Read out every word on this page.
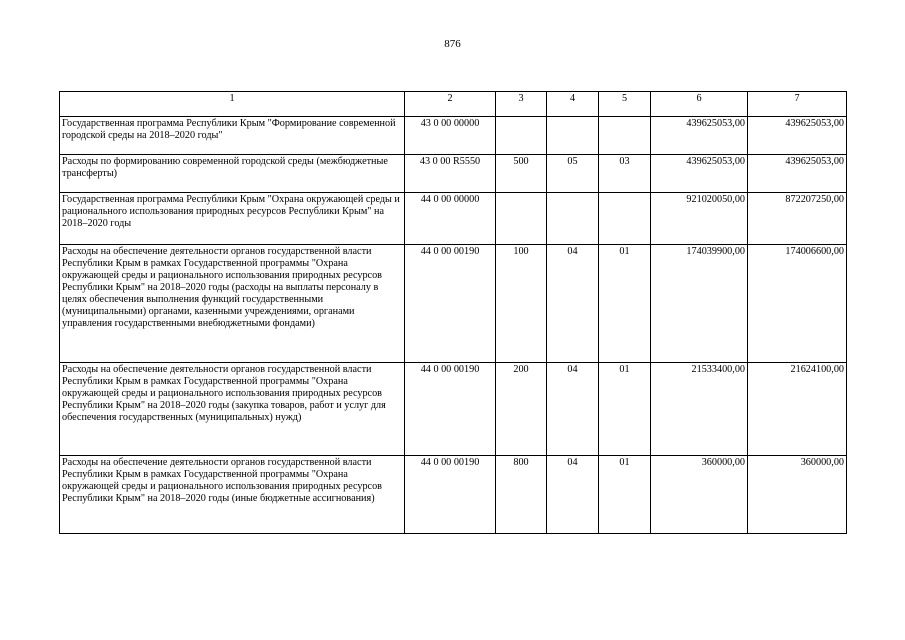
876
1	2	3	4	5	6	7
Государственная программа Республики Крым "Формирование современной городской среды на 2018–2020 годы"	43 0 00 00000				439625053,00	439625053,00
Расходы по формированию современной городской среды (межбюджетные трансферты)	43 0 00 R5550	500	05	03	439625053,00	439625053,00
Государственная программа Республики Крым "Охрана окружающей среды и рационального использования природных ресурсов Республики Крым" на 2018–2020 годы	44 0 00 00000				921020050,00	872207250,00
Расходы на обеспечение деятельности органов государственной власти Республики Крым в рамках Государственной программы "Охрана окружающей среды и рационального использования природных ресурсов Республики Крым" на 2018–2020 годы (расходы на выплаты персоналу в целях обеспечения выполнения функций государственными (муниципальными) органами, казенными учреждениями, органами управления государственными внебюджетными фондами)	44 0 00 00190	100	04	01	174039900,00	174006600,00
Расходы на обеспечение деятельности органов государственной власти Республики Крым в рамках Государственной программы "Охрана окружающей среды и рационального использования природных ресурсов Республики Крым" на 2018–2020 годы (закупка товаров, работ и услуг для обеспечения государственных (муниципальных) нужд)	44 0 00 00190	200	04	01	21533400,00	21624100,00
Расходы на обеспечение деятельности органов государственной власти Республики Крым в рамках Государственной программы "Охрана окружающей среды и рационального использования природных ресурсов Республики Крым" на 2018–2020 годы (иные бюджетные ассигнования)	44 0 00 00190	800	04	01	360000,00	360000,00
